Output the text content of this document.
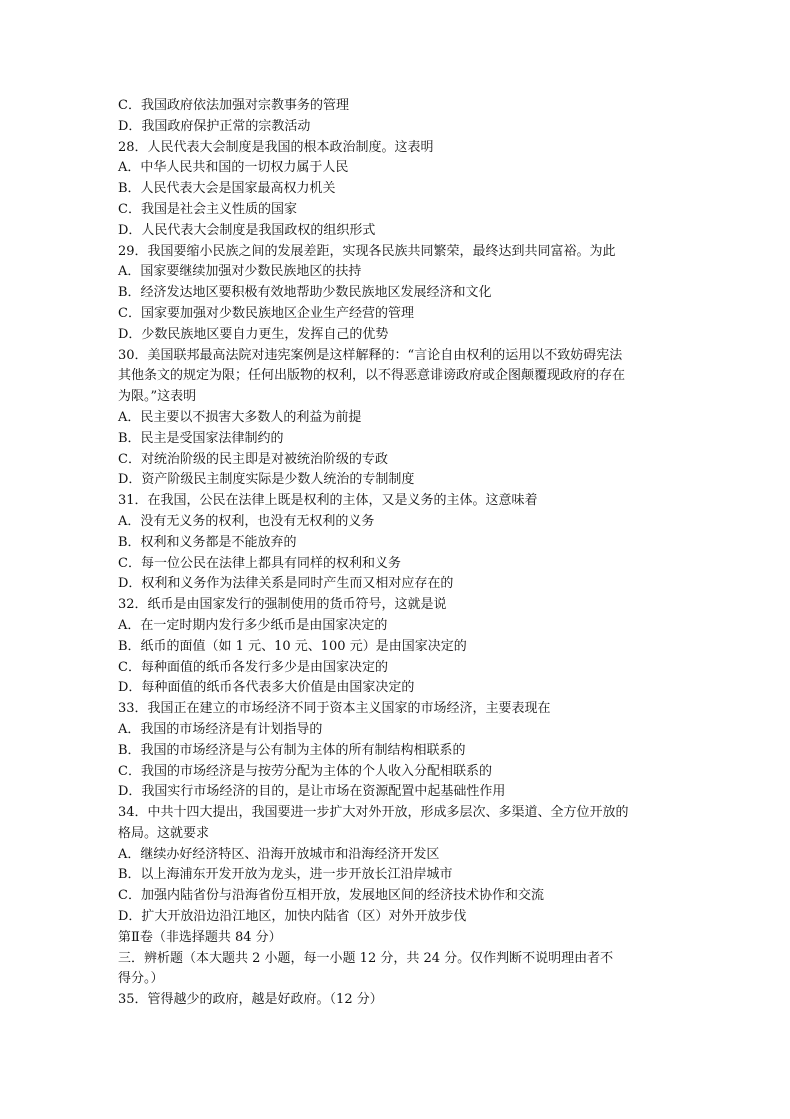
C．我国政府依法加强对宗教事务的管理
D．我国政府保护正常的宗教活动
28．人民代表大会制度是我国的根本政治制度。这表明
A．中华人民共和国的一切权力属于人民
B．人民代表大会是国家最高权力机关
C．我国是社会主义性质的国家
D．人民代表大会制度是我国政权的组织形式
29．我国要缩小民族之间的发展差距，实现各民族共同繁荣，最终达到共同富裕。为此
A．国家要继续加强对少数民族地区的扶持
B．经济发达地区要积极有效地帮助少数民族地区发展经济和文化
C．国家要加强对少数民族地区企业生产经营的管理
D．少数民族地区要自力更生，发挥自己的优势
30．美国联邦最高法院对违宪案例是这样解释的：“言论自由权利的运用以不致妨碍宪法
其他条文的规定为限；任何出版物的权利，以不得恶意诽谤政府或企图颠覆现政府的存在
为限。”这表明
A．民主要以不损害大多数人的利益为前提
B．民主是受国家法律制约的
C．对统治阶级的民主即是对被统治阶级的专政
D．资产阶级民主制度实际是少数人统治的专制制度
31．在我国，公民在法律上既是权利的主体，又是义务的主体。这意味着
A．没有无义务的权利，也没有无权利的义务
B．权利和义务都是不能放弃的
C．每一位公民在法律上都具有同样的权利和义务
D．权利和义务作为法律关系是同时产生而又相对应存在的
32．纸币是由国家发行的强制使用的货币符号，这就是说
A．在一定时期内发行多少纸币是由国家决定的
B．纸币的面值（如 1 元、10 元、100 元）是由国家决定的
C．每种面值的纸币各发行多少是由国家决定的
D．每种面值的纸币各代表多大价值是由国家决定的
33．我国正在建立的市场经济不同于资本主义国家的市场经济，主要表现在
A．我国的市场经济是有计划指导的
B．我国的市场经济是与公有制为主体的所有制结构相联系的
C．我国的市场经济是与按劳分配为主体的个人收入分配相联系的
D．我国实行市场经济的目的，是让市场在资源配置中起基础性作用
34．中共十四大提出，我国要进一步扩大对外开放，形成多层次、多渠道、全方位开放的
格局。这就要求
A．继续办好经济特区、沿海开放城市和沿海经济开发区
B．以上海浦东开发开放为龙头，进一步开放长江沿岸城市
C．加强内陆省份与沿海省份互相开放，发展地区间的经济技术协作和交流
D．扩大开放沿边沿江地区，加快内陆省（区）对外开放步伐
第Ⅱ卷（非选择题共 84 分）
三．辨析题（本大题共 2 小题，每一小题 12 分，共 24 分。仅作判断不说明理由者不
得分。）
35．管得越少的政府，越是好政府。（12 分）
